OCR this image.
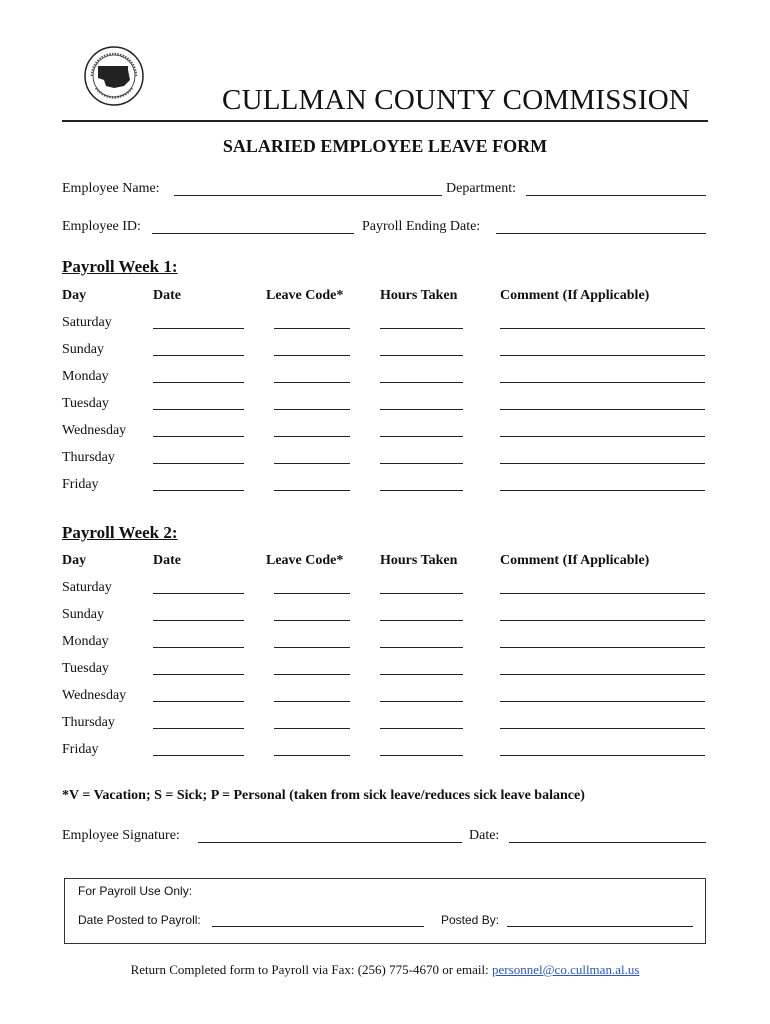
CULLMAN COUNTY COMMISSION
SALARIED EMPLOYEE LEAVE FORM
Employee Name:	Department:
Employee ID:	Payroll Ending Date:
Payroll Week 1:
Day	Date	Leave Code*	Hours Taken	Comment (If Applicable)
Saturday
Sunday
Monday
Tuesday
Wednesday
Thursday
Friday
Payroll Week 2:
Day	Date	Leave Code*	Hours Taken	Comment (If Applicable)
Saturday
Sunday
Monday
Tuesday
Wednesday
Thursday
Friday
*V = Vacation; S = Sick; P = Personal (taken from sick leave/reduces sick leave balance)
Employee Signature:	Date:
For Payroll Use Only:
Date Posted to Payroll:	Posted By:
Return Completed form to Payroll via Fax: (256) 775-4670 or email: personnel@co.cullman.al.us
